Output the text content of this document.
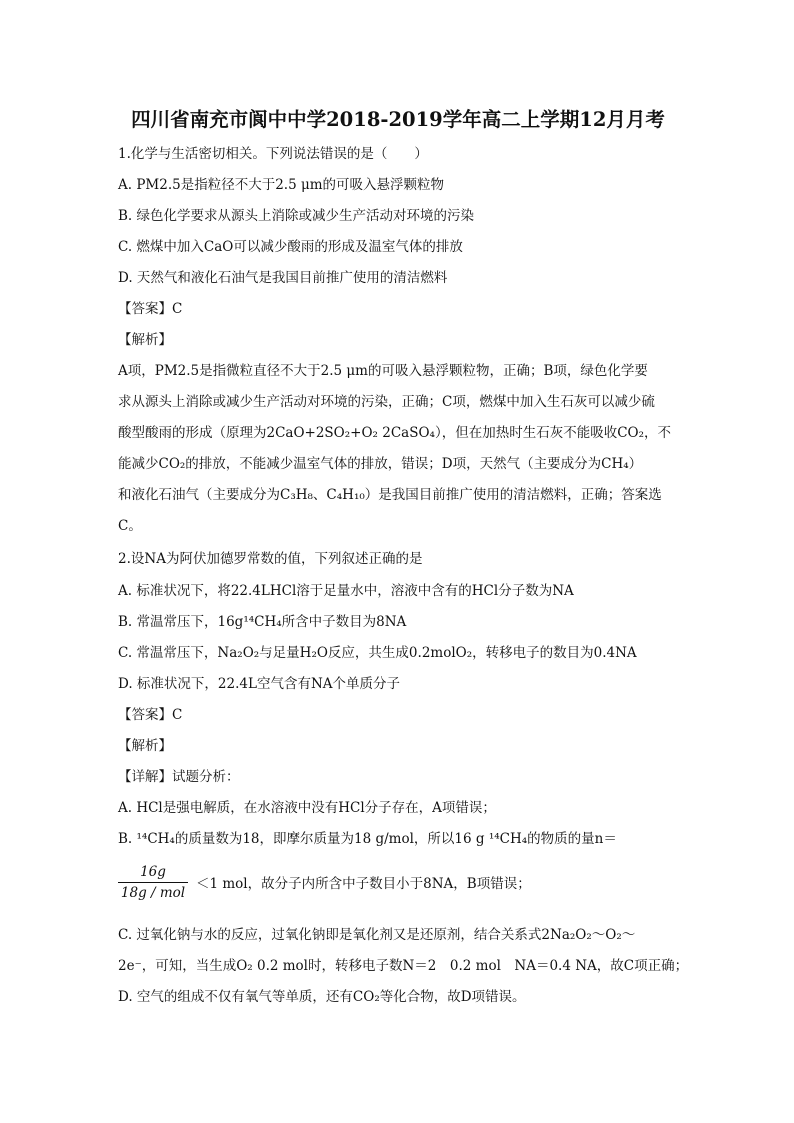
四川省南充市阆中中学2018-2019学年高二上学期12月月考
1.化学与生活密切相关。下列说法错误的是（　　）
A. PM2.5是指粒径不大于2.5 μm的可吸入悬浮颗粒物
B. 绿色化学要求从源头上消除或减少生产活动对环境的污染
C. 燃煤中加入CaO可以减少酸雨的形成及温室气体的排放
D. 天然气和液化石油气是我国目前推广使用的清洁燃料
【答案】C
【解析】
A项，PM2.5是指微粒直径不大于2.5 μm的可吸入悬浮颗粒物，正确；B项，绿色化学要
求从源头上消除或减少生产活动对环境的污染，正确；C项，燃煤中加入生石灰可以减少硫
酸型酸雨的形成（原理为2CaO+2SO₂+O₂ 2CaSO₄），但在加热时生石灰不能吸收CO₂，不
能减少CO₂的排放，不能减少温室气体的排放，错误；D项，天然气（主要成分为CH₄）
和液化石油气（主要成分为C₃H₈、C₄H₁₀）是我国目前推广使用的清洁燃料，正确；答案选
C。
2.设NA为阿伏加德罗常数的值，下列叙述正确的是
A. 标准状况下，将22.4LHCl溶于足量水中，溶液中含有的HCl分子数为NA
B. 常温常压下，16g¹⁴CH₄所含中子数目为8NA
C. 常温常压下，Na₂O₂与足量H₂O反应，共生成0.2molO₂，转移电子的数目为0.4NA
D. 标准状况下，22.4L空气含有NA个单质分子
【答案】C
【解析】
【详解】试题分析：
A. HCl是强电解质，在水溶液中没有HCl分子存在，A项错误；
B. ¹⁴CH₄的质量数为18，即摩尔质量为18 g/mol，所以16 g ¹⁴CH₄的物质的量n＝
16g
18g / mol
＜1 mol，故分子内所含中子数目小于8NA，B项错误；
C. 过氧化钠与水的反应，过氧化钠即是氧化剂又是还原剂，结合关系式2Na₂O₂～O₂～
2e⁻，可知，当生成O₂ 0.2 mol时，转移电子数N＝2　0.2 mol　NA＝0.4 NA，故C项正确；
D. 空气的组成不仅有氧气等单质，还有CO₂等化合物，故D项错误。
